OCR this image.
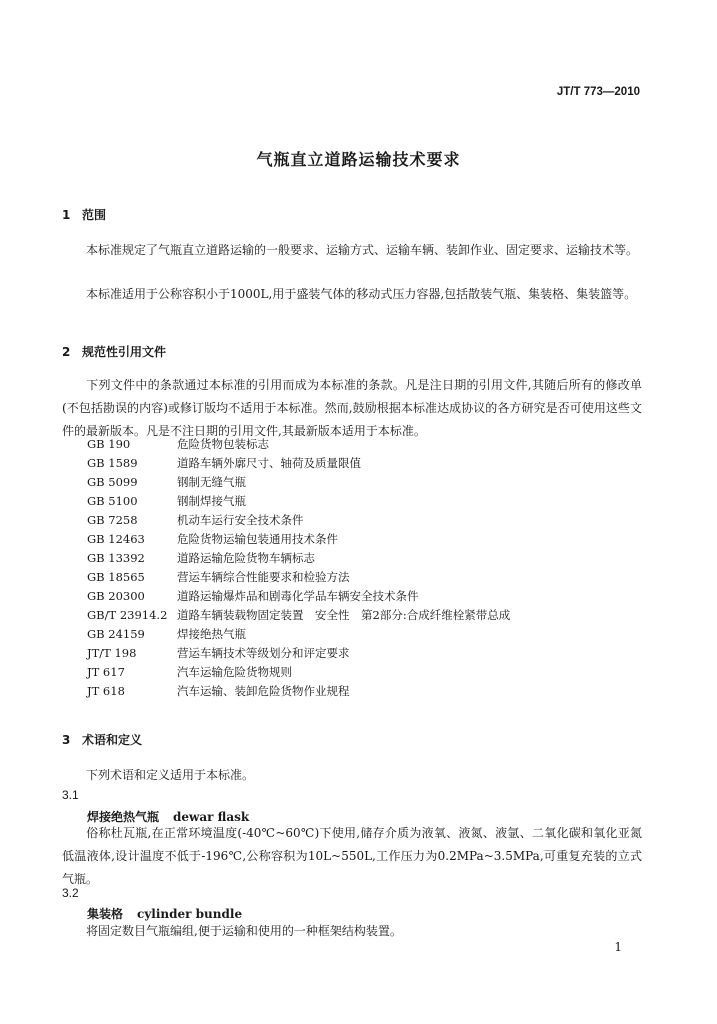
JT/T 773—2010
气瓶直立道路运输技术要求
1 范围
本标准规定了气瓶直立道路运输的一般要求、运输方式、运输车辆、装卸作业、固定要求、运输技术等。
本标准适用于公称容积小于1000L,用于盛装气体的移动式压力容器,包括散装气瓶、集装格、集装篮等。
2 规范性引用文件
下列文件中的条款通过本标准的引用而成为本标准的条款。凡是注日期的引用文件,其随后所有的修改单(不包括勘误的内容)或修订版均不适用于本标准。然而,鼓励根据本标准达成协议的各方研究是否可使用这些文件的最新版本。凡是不注日期的引用文件,其最新版本适用于本标准。
GB 190	危险货物包装标志
GB 1589	道路车辆外廓尺寸、轴荷及质量限值
GB 5099	钢制无缝气瓶
GB 5100	钢制焊接气瓶
GB 7258	机动车运行安全技术条件
GB 12463	危险货物运输包装通用技术条件
GB 13392	道路运输危险货物车辆标志
GB 18565	营运车辆综合性能要求和检验方法
GB 20300	道路运输爆炸品和剧毒化学品车辆安全技术条件
GB/T 23914.2 道路车辆装载物固定装置　安全性　第2部分:合成纤维栓紧带总成
GB 24159	焊接绝热气瓶
JT/T 198	营运车辆技术等级划分和评定要求
JT 617	汽车运输危险货物规则
JT 618	汽车运输、装卸危险货物作业规程
3 术语和定义
下列术语和定义适用于本标准。
3.1
焊接绝热气瓶 dewar flask
俗称杜瓦瓶,在正常环境温度(-40℃~60℃)下使用,储存介质为液氧、液氮、液氩、二氧化碳和氧化亚氮低温液体,设计温度不低于-196℃,公称容积为10L~550L,工作压力为0.2MPa~3.5MPa,可重复充装的立式气瓶。
3.2
集装格 cylinder bundle
将固定数目气瓶编组,便于运输和使用的一种框架结构装置。
1
